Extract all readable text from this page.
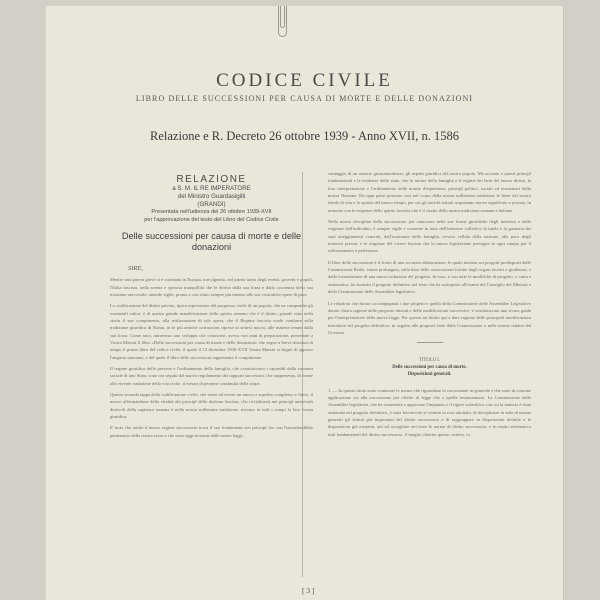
CODICE CIVILE
LIBRO DELLE SUCCESSIONI PER CAUSA DI MORTE E DELLE DONAZIONI
Relazione e R. Decreto 26 ottobre 1939 - Anno XVII, n. 1586
RELAZIONE
a S. M. IL RE IMPERATORE
del Ministro Guardasigilli
(GRANDI)
Presentata nell'udienza del 26 ottobre 1939-XVII
per l'approvazione del testo del Libro del Codice Civile
Delle successioni per causa di morte e delle donazioni
SIRE,

Mentre una guerra grave si è scatenata in Europa, travolgendo, nel primo tratto degli eventi, governi e popoli, l'Italia fascista, nella serena e operosa tranquillità che le deriva dalla sua forza e dalla coscienza della sua missione universale, attende vigile, pronta e con ritmo sempre più intenso alle sue costruttive opere di pace.

La codificazione del diritto privato, tipica espressione del progresso civile di un popolo, che ne compendia gli essenziali valori, è di questa grande manifestazione dello spirito romano che è il diritto, grande esito nella storia il suo compimento, alla realizzazione di tale opera, che il Regime fascista vuole condurre sulla tradizione giuridica di Roma, in le più antiche costruzioni riprese in sintesi nuova, alle materie tenute dalla sua forza. Come noto, attraverso uno sviluppo che conoscete, aveva vari anni di preparazione, presentate a Vostra Maestà il libro «Delle successioni per causa di morte e delle donazioni» che segue a breve distanza di tempo il primo libro del codice civile, il quale il 12 dicembre 1938-XVII Vostra Maestà si degnò di apporre l'augusta sanzione, e del quale il libro delle successioni rappresenta il compimento.

Il regime giuridico delle persone e l'ordinamento della famiglia, che costituiscono i capisaldi della struttura sociale di uno Stato, sono ora seguiti dal nuovo regolamento dei rapporti successori, che rappresenta, di fronte alla vivente tradizione della vita civile, il mezzo di perenne continuità della stirpe.

Questa seconda tappa della codificazione civile, che viene ad essere un nuovo e superbo complesso e finito, il nuovo affermandone della vitalità dei principî della dottrina fascista, che rivitalizzati nei principî universali durevoli della sapienza romana è nella nostra millenaria tradizione, trovano in tutti i campi la loro forma giuridica.

E' noto che anche il nuovo regime successorio trova il suo fondamento nei principî che con l'inconfondibile patrimonio della nostra razza e che sono oggi rivissuti dalle nostre leggi...

vantaggio di un astratto giusnaturalismo, gli aspetti giuridici del nostro popolo. Ma accanto a questi principî fondamentali e le tendenze dello stato, che le norme della famiglia e il regime dei beni del nuovo diritto, la loro interpretazione e l'ordinamento delle norme d'esperienza, principî politici, sociali ed economici della nostra Nazione. Da ogni parte possono così nel corpo della nostra millenaria tradizione le linee del nostro ideale di vita e lo spirito del nuovo tempo, per cui gli antichi istituti acquistano nuove significato e portata, in armonia con le esigenze dello spirito fascista che è il risalto della nostra tradizione romana e italiana.

Nella nuova disciplina della successione, per rinnovare nelle sue forme giuridiche degli interessi e delle esigenze dell'individuo, è sempre vigile e consente in tutte dell'interesse collettivo la tutela e la garanzia dei suoi atteggiamenti concreti, dall'economia della famiglia, ovvero cellula della nazione, alla pace degli interessi privati, e le esigenze del vivere fascista che la nuova legislazione persegue in ogni campo per il rafforzamento e perfezione.

Il libro delle successioni è il frutto di una accurata elaborazione, le quale iniziata sui progetti predisposti dalle Commissioni Reale, venne prolungata, sulla base delle osservazioni fornite dagli organi tecnici e giudiziari, e dalla formulazione di una nuova redazione del progetto. In esso, e con tutte le modifiche di progetto, e vasta e sistematica, ha formato il progetto definitivo nel testo che ha sottoposto all'esame del Consiglio dei Ministri e della Commissione delle Assemblee legislative.

Le relazioni che furono accompagnati i due progetti e quella della Commissione delle Assemblee Legislative danno chiara ragione delle proposte iniziali e delle modificazioni successive, e costituiscono una sicura guida per l'interpretazione della nuova legge. Per questo mi limito qui a dare ragione delle principali modificazioni introdotte nel progetto definitivo, in seguito alle proposte fatte dalla Commissione o nelle norme redatte dal Governo.

TITOLO I.
Delle successioni per causa di morte.
Disposizioni generali.

1. — In questo titolo sono contenute le norme che riguardano la successione in generale e che sono di comune applicazione sia alla successione per effetto di legge che a quella testamentaria. La Commissione delle Assemblee legislative, che ha vivamente e approvato l'impianto e il rigore scientifico con cui la materia è stata sistemata nel progetto definitivo, è stata favorevole al criterio in esso adottato, di disciplinare in sede di norme generali gli istituti più importanti del diritto successorio e di raggruppare in disposizioni definite e le disposizioni già esistenti, atti ad accogliere nel testo le norme di diritto successorio, e in modo sistematico tutti fondamentali del diritto successorio. A meglio chiarire questo criterio, la...

[ 3 ]
